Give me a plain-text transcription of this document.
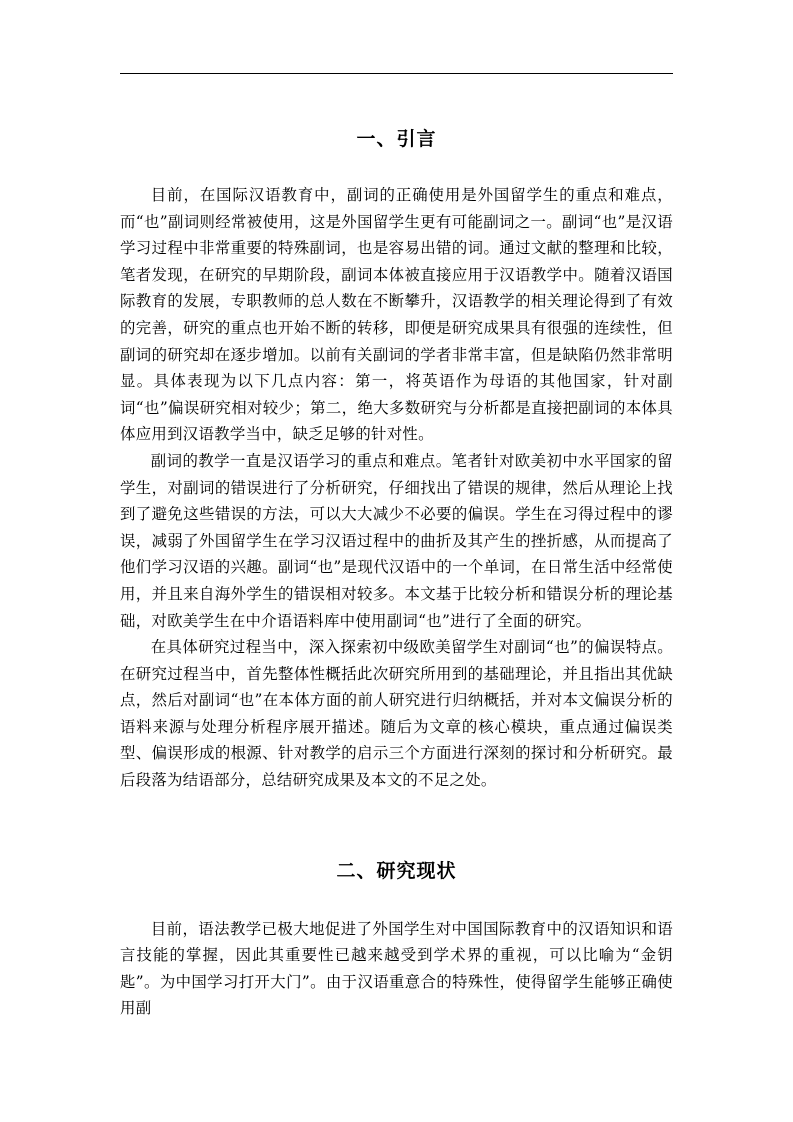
一、引言

目前，在国际汉语教育中，副词的正确使用是外国留学生的重点和难点，而“也”副词则经常被使用，这是外国留学生更有可能副词之一。副词“也”是汉语学习过程中非常重要的特殊副词，也是容易出错的词。通过文献的整理和比较，笔者发现，在研究的早期阶段，副词本体被直接应用于汉语教学中。随着汉语国际教育的发展，专职教师的总人数在不断攀升，汉语教学的相关理论得到了有效的完善，研究的重点也开始不断的转移，即便是研究成果具有很强的连续性，但副词的研究却在逐步增加。以前有关副词的学者非常丰富，但是缺陷仍然非常明显。具体表现为以下几点内容：第一，将英语作为母语的其他国家，针对副词“也”偏误研究相对较少；第二，绝大多数研究与分析都是直接把副词的本体具体应用到汉语教学当中，缺乏足够的针对性。

副词的教学一直是汉语学习的重点和难点。笔者针对欧美初中水平国家的留学生，对副词的错误进行了分析研究，仔细找出了错误的规律，然后从理论上找到了避免这些错误的方法，可以大大减少不必要的偏误。学生在习得过程中的谬误，减弱了外国留学生在学习汉语过程中的曲折及其产生的挫折感，从而提高了他们学习汉语的兴趣。副词“也”是现代汉语中的一个单词，在日常生活中经常使用，并且来自海外学生的错误相对较多。本文基于比较分析和错误分析的理论基础，对欧美学生在中介语语料库中使用副词“也”进行了全面的研究。

在具体研究过程当中，深入探索初中级欧美留学生对副词“也”的偏误特点。在研究过程当中，首先整体性概括此次研究所用到的基础理论，并且指出其优缺点，然后对副词“也”在本体方面的前人研究进行归纳概括，并对本文偏误分析的语料来源与处理分析程序展开描述。随后为文章的核心模块，重点通过偏误类型、偏误形成的根源、针对教学的启示三个方面进行深刻的探讨和分析研究。最后段落为结语部分，总结研究成果及本文的不足之处。

二、研究现状

目前，语法教学已极大地促进了外国学生对中国国际教育中的汉语知识和语言技能的掌握，因此其重要性已越来越受到学术界的重视，可以比喻为“金钥匙”。为中国学习打开大门”。由于汉语重意合的特殊性，使得留学生能够正确使用副
